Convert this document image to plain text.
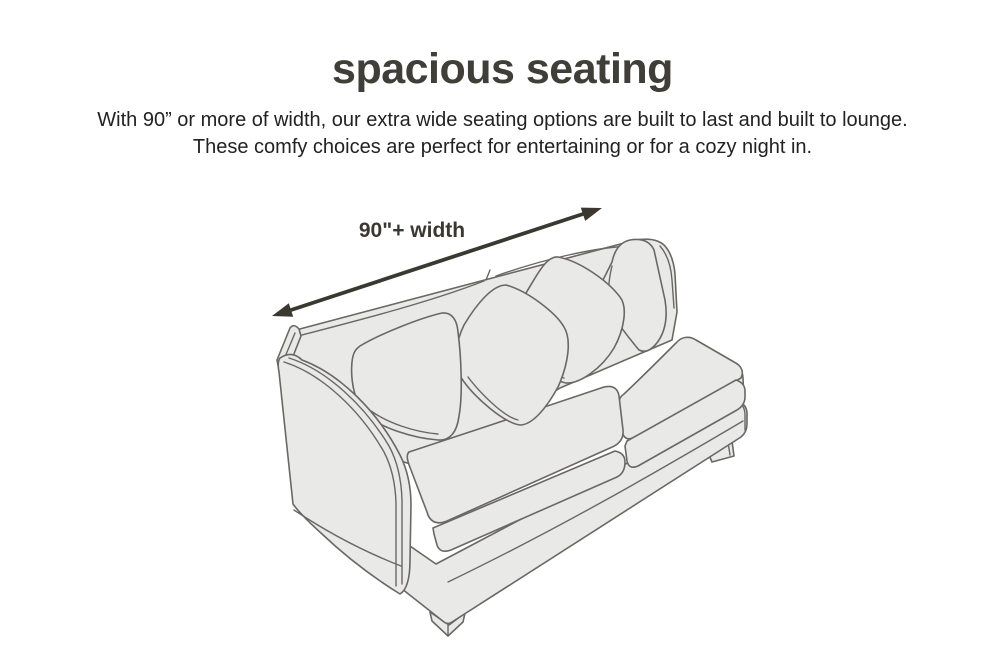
spacious seating

With 90” or more of width, our extra wide seating options are built to last and built to lounge.
These comfy choices are perfect for entertaining or for a cozy night in.

90"+ width
